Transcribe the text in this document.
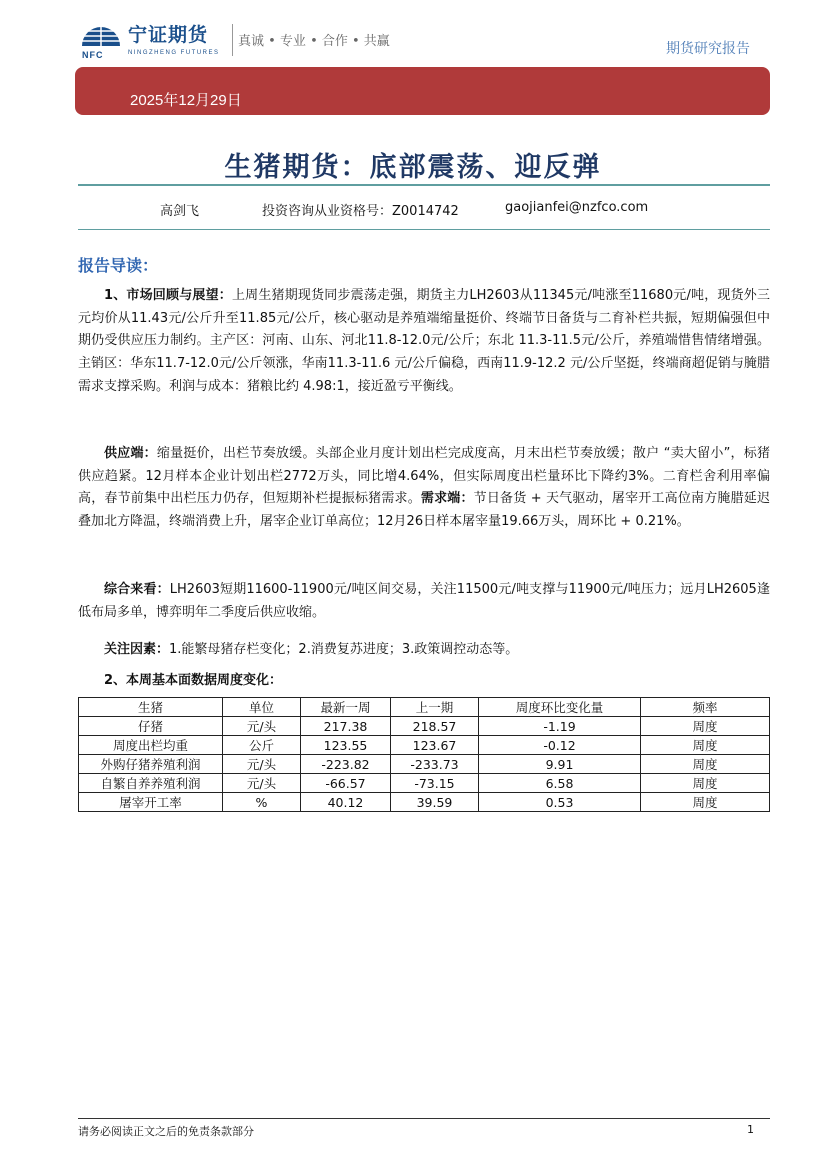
NFC
宁证期货
NINGZHENG FUTURES
真诚 • 专业 • 合作 • 共赢	期货研究报告
2025年12月29日
生猪期货：底部震荡、迎反弹
高剑飞	投资咨询从业资格号：Z0014742	gaojianfei@nzfco.com
报告导读：
1、市场回顾与展望：上周生猪期现货同步震荡走强，期货主力LH2603从11345元/吨涨至11680元/吨，现货外三元均价从11.43元/公斤升至11.85元/公斤，核心驱动是养殖端缩量挺价、终端节日备货与二育补栏共振，短期偏强但中期仍受供应压力制约。主产区：河南、山东、河北11.8-12.0元/公斤；东北 11.3-11.5元/公斤，养殖端惜售情绪增强。主销区：华东11.7-12.0元/公斤领涨，华南11.3-11.6 元/公斤偏稳，西南11.9-12.2 元/公斤坚挺，终端商超促销与腌腊需求支撑采购。利润与成本：猪粮比约 4.98:1，接近盈亏平衡线。
供应端：缩量挺价，出栏节奏放缓。头部企业月度计划出栏完成度高，月末出栏节奏放缓；散户 “卖大留小”，标猪供应趋紧。12月样本企业计划出栏2772万头，同比增4.64%，但实际周度出栏量环比下降约3%。二育栏舍利用率偏高，春节前集中出栏压力仍存，但短期补栏提振标猪需求。需求端：节日备货 + 天气驱动，屠宰开工高位南方腌腊延迟叠加北方降温，终端消费上升，屠宰企业订单高位；12月26日样本屠宰量19.66万头，周环比 + 0.21%。
综合来看：LH2603短期11600-11900元/吨区间交易，关注11500元/吨支撑与11900元/吨压力；远月LH2605逢低布局多单，博弈明年二季度后供应收缩。
关注因素：1.能繁母猪存栏变化；2.消费复苏进度；3.政策调控动态等。
2、本周基本面数据周度变化：
生猪	单位	最新一周	上一期	周度环比变化量	频率
仔猪	元/头	217.38	218.57	-1.19	周度
周度出栏均重	公斤	123.55	123.67	-0.12	周度
外购仔猪养殖利润	元/头	-223.82	-233.73	9.91	周度
自繁自养养殖利润	元/头	-66.57	-73.15	6.58	周度
屠宰开工率	%	40.12	39.59	0.53	周度
请务必阅读正文之后的免责条款部分	1
